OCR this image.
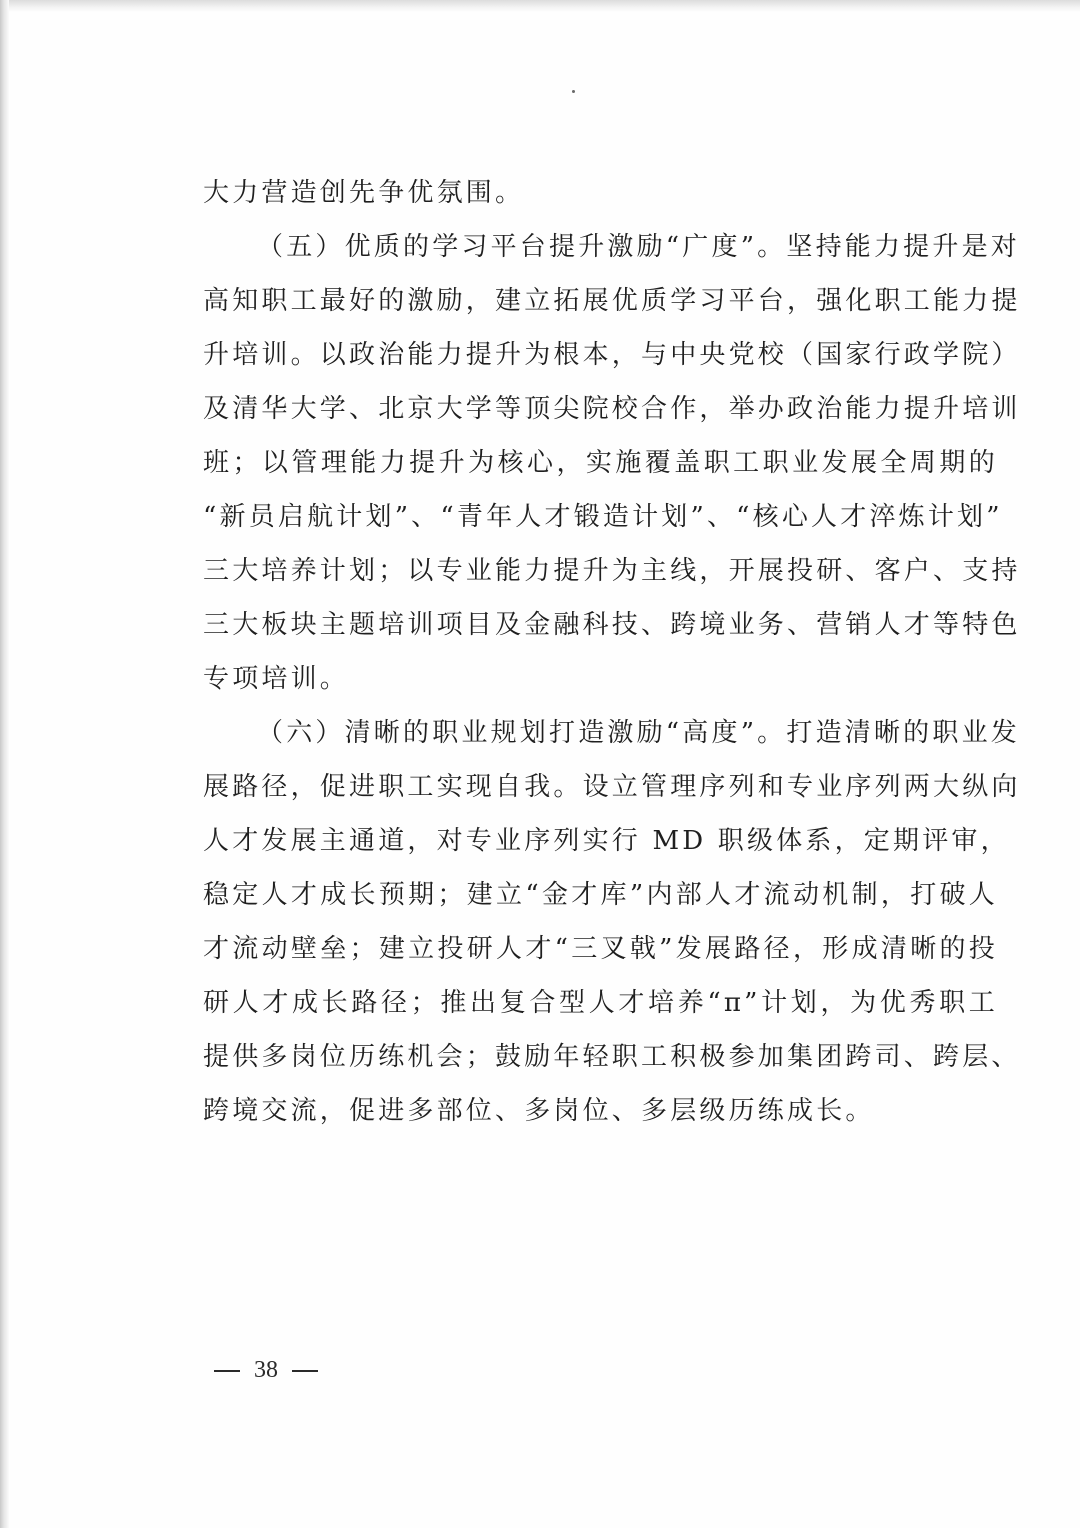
大力营造创先争优氛围。
（五）优质的学习平台提升激励“广度”。坚持能力提升是对
高知职工最好的激励，建立拓展优质学习平台，强化职工能力提
升培训。以政治能力提升为根本，与中央党校（国家行政学院）
及清华大学、北京大学等顶尖院校合作，举办政治能力提升培训
班；以管理能力提升为核心，实施覆盖职工职业发展全周期的
“新员启航计划”、“青年人才锻造计划”、“核心人才淬炼计划”
三大培养计划；以专业能力提升为主线，开展投研、客户、支持
三大板块主题培训项目及金融科技、跨境业务、营销人才等特色
专项培训。
（六）清晰的职业规划打造激励“高度”。打造清晰的职业发
展路径，促进职工实现自我。设立管理序列和专业序列两大纵向
人才发展主通道，对专业序列实行 MD 职级体系，定期评审，
稳定人才成长预期；建立“金才库”内部人才流动机制，打破人
才流动壁垒；建立投研人才“三叉戟”发展路径，形成清晰的投
研人才成长路径；推出复合型人才培养“π”计划，为优秀职工
提供多岗位历练机会；鼓励年轻职工积极参加集团跨司、跨层、
跨境交流，促进多部位、多岗位、多层级历练成长。
38
